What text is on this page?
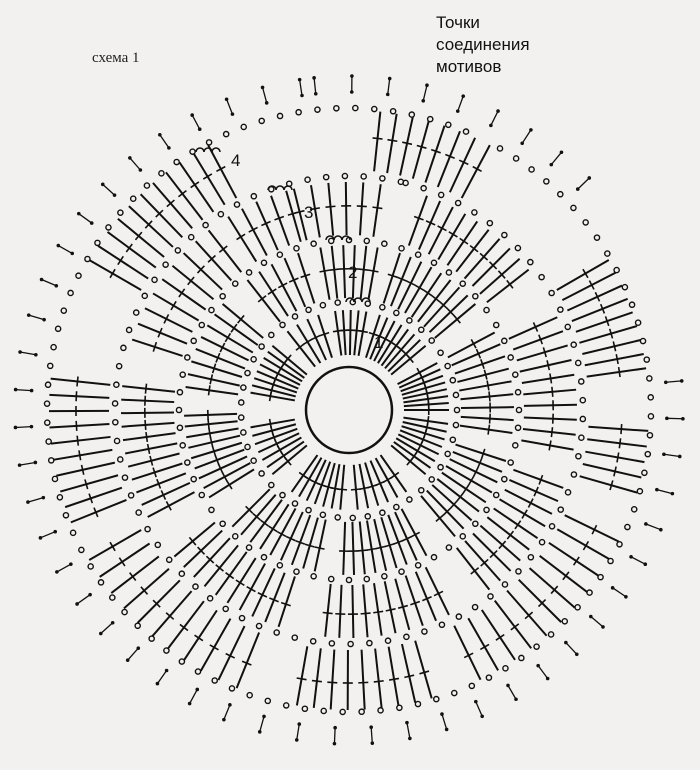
1
2
3
4
схема 1
Точки
соединения
мотивов
